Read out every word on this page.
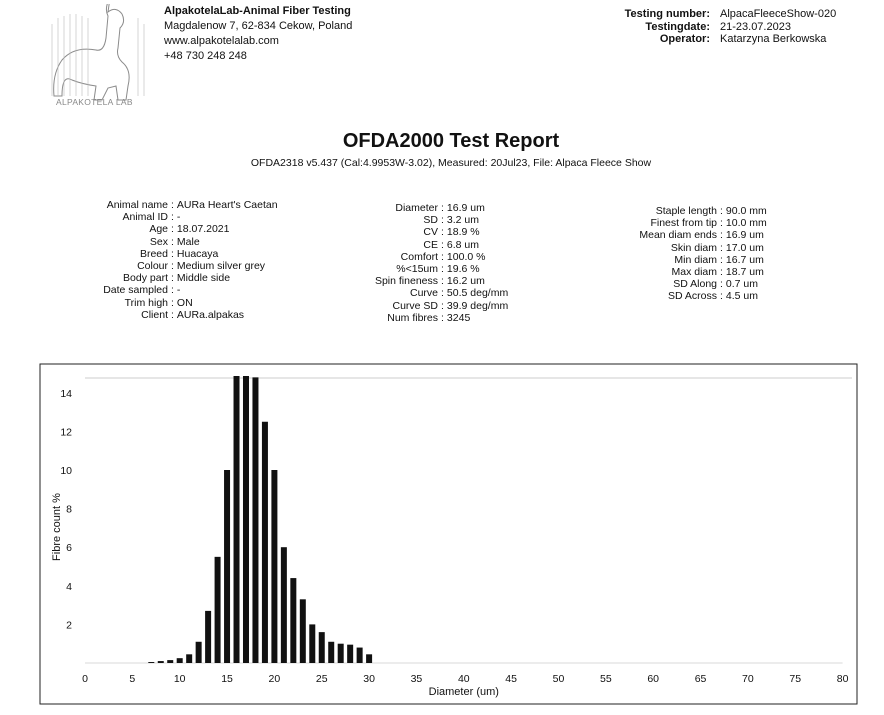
ALPAKOTELA LAB
AlpakotelaLab-Animal Fiber Testing
Magdalenow 7, 62-834 Cekow, Poland
www.alpakotelalab.com
+48 730 248 248
Testing number: AlpacaFleeceShow-020
Testingdate: 21-23.07.2023
Operator: Katarzyna Berkowska
OFDA2000 Test Report
OFDA2318 v5.437 (Cal:4.9953W-3.02), Measured: 20Jul23, File: Alpaca Fleece Show
Animal name : AURa Heart's Caetan
Animal ID : -
Age : 18.07.2021
Sex : Male
Breed : Huacaya
Colour : Medium silver grey
Body part : Middle side
Date sampled : -
Trim high : ON
Client : AURa.alpakas
Diameter : 16.9 um
SD : 3.2 um
CV : 18.9 %
CE : 6.8 um
Comfort : 100.0 %
%<15um : 19.6 %
Spin fineness : 16.2 um
Curve : 50.5 deg/mm
Curve SD : 39.9 deg/mm
Num fibres : 3245
Staple length : 90.0 mm
Finest from tip : 10.0 mm
Mean diam ends : 16.9 um
Skin diam : 17.0 um
Min diam : 16.7 um
Max diam : 18.7 um
SD Along : 0.7 um
SD Across : 4.5 um
0	5	10	15	20	25	30	35	40	45	50	55	60	65	70	75	80
2
4
6
8
10
12
14
Diameter (um)
Fibre count %
